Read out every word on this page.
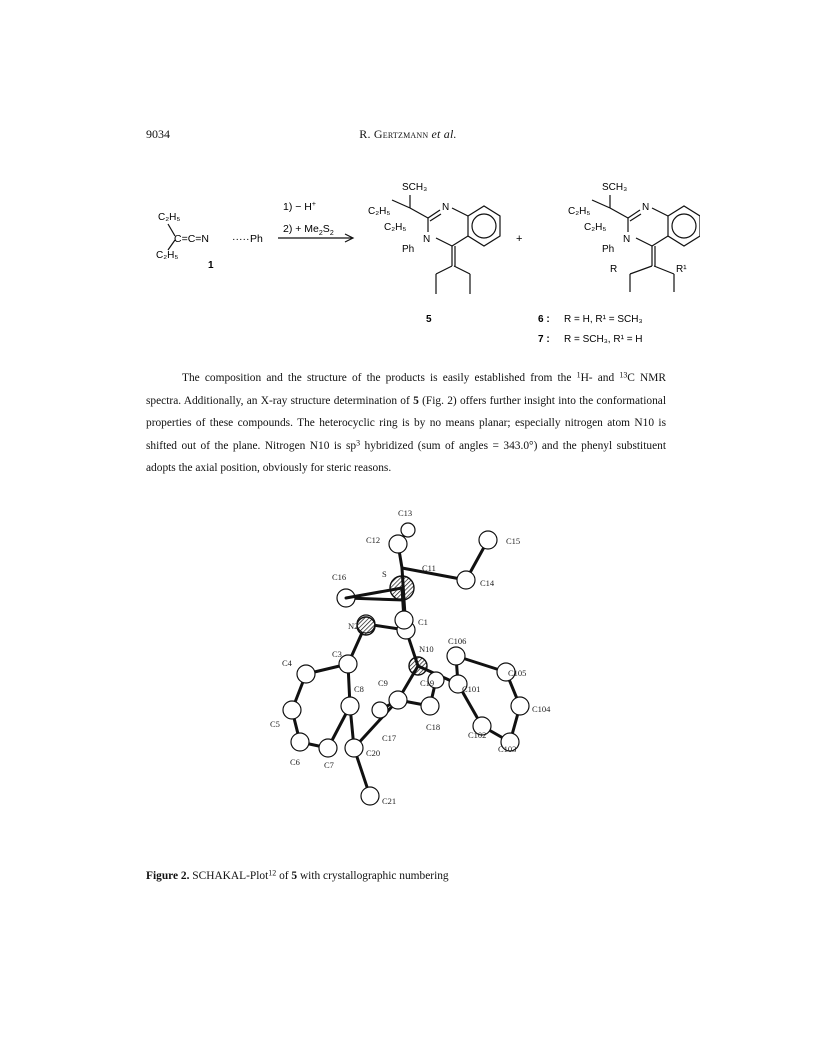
9034	R. Gertzmann et al.
C₂H₅
C=C=N ····· Ph
C₂H₅
1
1) − H+
$2) + Me_2S_2$
SCH₃
C₂H₅
C₂H₅
N
N
Ph
5
+
SCH₃
C₂H₅
C₂H₅
N
N
Ph
R	R¹
6 : R = H, R¹ = SCH₃
7 : R = SCH₃, R¹ = H
The composition and the structure of the products is easily established from the $^1$H- and $^{13}$C NMR spectra. Additionally, an X-ray structure determination of 5 (Fig. 2) offers further insight into the conformational properties of these compounds. The heterocyclic ring is by no means planar; especially nitrogen atom N10 is shifted out of the plane. Nitrogen N10 is $sp^3$ hybridized (sum of angles = 343.0°) and the phenyl substituent adopts the axial position, obviously for steric reasons.
C13
C12	C15
C11
S
C16
C14
N2	C1
C106
C3	N10
C4
C105
C9
C8
C19
C101
C104
C5	C18
C102
C17
C103
C6	C7
C20
C21
Figure 2. SCHAKAL-Plot$^{12}$ of 5 with crystallographic numbering
